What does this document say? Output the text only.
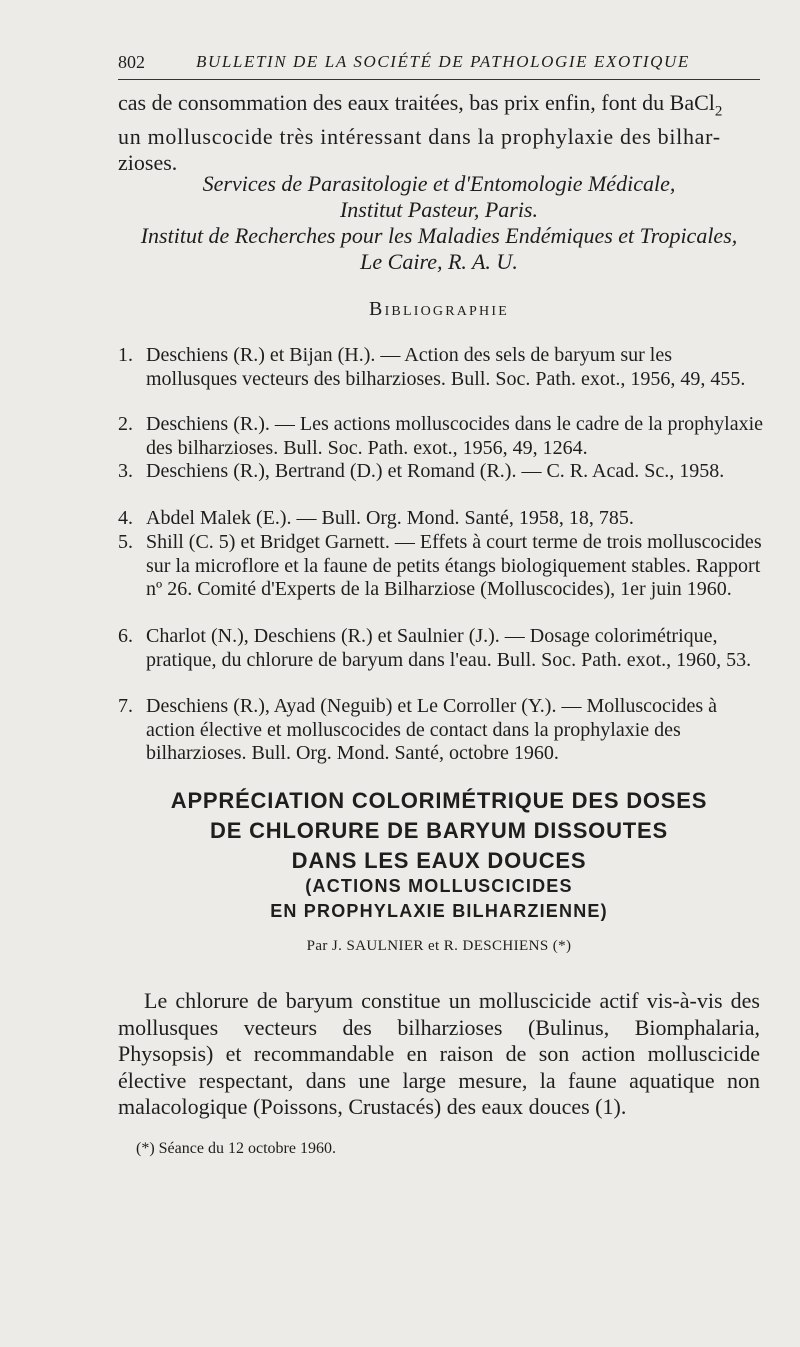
802	BULLETIN DE LA SOCIÉTÉ DE PATHOLOGIE EXOTIQUE
cas de consommation des eaux traitées, bas prix enfin, font du BaCl$_2$
un molluscocide très intéressant dans la prophylaxie des bilhar-
zioses.
Services de Parasitologie et d'Entomologie Médicale,
Institut Pasteur, Paris.
Institut de Recherches pour les Maladies Endémiques et Tropicales,
Le Caire, R. A. U.
Bibliographie
1. Deschiens (R.) et Bijan (H.). — Action des sels de baryum sur les mollusques vecteurs des bilharzioses. Bull. Soc. Path. exot., 1956, 49, 455.
2. Deschiens (R.). — Les actions molluscocides dans le cadre de la prophylaxie des bilharzioses. Bull. Soc. Path. exot., 1956, 49, 1264.
3. Deschiens (R.), Bertrand (D.) et Romand (R.). — C. R. Acad. Sc., 1958.
4. Abdel Malek (E.). — Bull. Org. Mond. Santé, 1958, 18, 785.
5. Shill (C. 5) et Bridget Garnett. — Effets à court terme de trois molluscocides sur la microflore et la faune de petits étangs biologiquement stables. Rapport nº 26. Comité d'Experts de la Bilharziose (Molluscocides), 1er juin 1960.
6. Charlot (N.), Deschiens (R.) et Saulnier (J.). — Dosage colorimétrique, pratique, du chlorure de baryum dans l'eau. Bull. Soc. Path. exot., 1960, 53.
7. Deschiens (R.), Ayad (Neguib) et Le Corroller (Y.). — Molluscocides à action élective et molluscocides de contact dans la prophylaxie des bilharzioses. Bull. Org. Mond. Santé, octobre 1960.
APPRÉCIATION COLORIMÉTRIQUE DES DOSES
DE CHLORURE DE BARYUM DISSOUTES
DANS LES EAUX DOUCES
(ACTIONS MOLLUSCICIDES
EN PROPHYLAXIE BILHARZIENNE)
Par J. SAULNIER et R. DESCHIENS (*)
Le chlorure de baryum constitue un molluscicide actif vis-à-vis des mollusques vecteurs des bilharzioses (Bulinus, Biomphalaria, Physopsis) et recommandable en raison de son action molluscicide élective respectant, dans une large mesure, la faune aquatique non malacologique (Poissons, Crustacés) des eaux douces (1).
(*) Séance du 12 octobre 1960.
